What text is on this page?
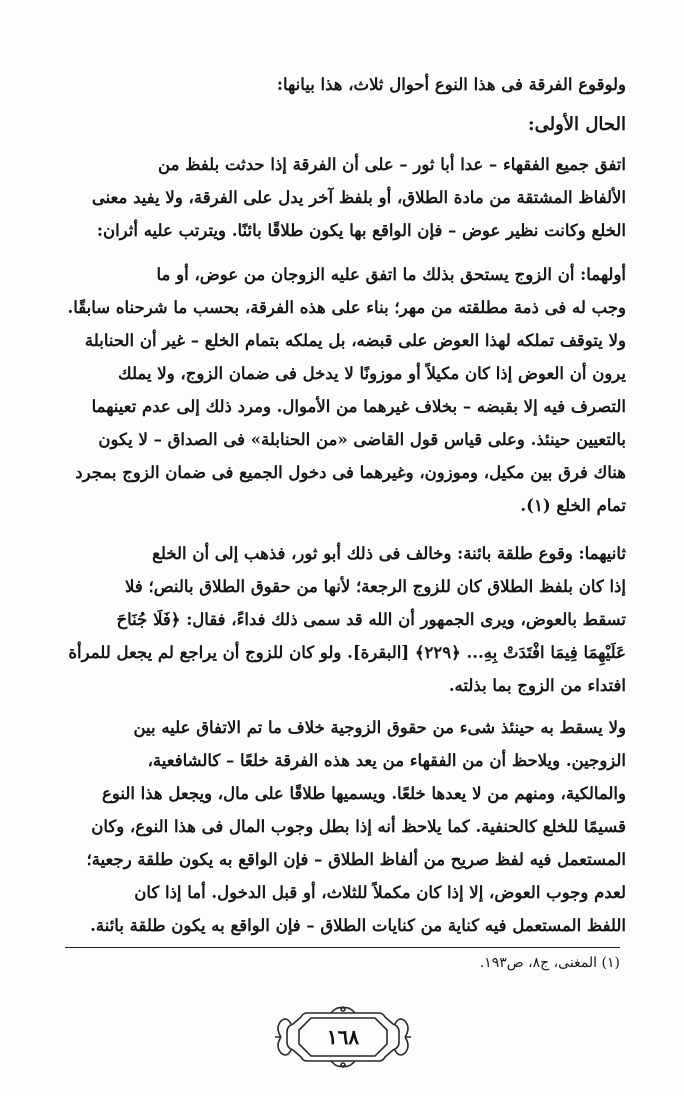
ولوقوع الفرقة فى هذا النوع أحوال ثلاث، هذا بيانها:
الحال الأولى:
اتفق جميع الفقهاء – عدا أبا ثور – على أن الفرقة إذا حدثت بلفظ من
الألفاظ المشتقة من مادة الطلاق، أو بلفظ آخر يدل على الفرقة، ولا يفيد معنى
الخلع وكانت نظير عوض – فإن الواقع بها يكون طلاقًا بائنًا. ويترتب عليه أثران:
أولهما: أن الزوج يستحق بذلك ما اتفق عليه الزوجان من عوض، أو ما
وجب له فى ذمة مطلقته من مهر؛ بناء على هذه الفرقة، بحسب ما شرحناه سابقًا.
ولا يتوقف تملكه لهذا العوض على قبضه، بل يملكه بتمام الخلع – غير أن الحنابلة
يرون أن العوض إذا كان مكيلاً أو موزونًا لا يدخل فى ضمان الزوج، ولا يملك
التصرف فيه إلا بقبضه – بخلاف غيرهما من الأموال. ومرد ذلك إلى عدم تعينهما
بالتعيين حينئذ. وعلى قياس قول القاضى «من الحنابلة» فى الصداق – لا يكون
هناك فرق بين مكيل، وموزون، وغيرهما فى دخول الجميع فى ضمان الزوج بمجرد
تمام الخلع (١).
ثانيهما: وقوع طلقة بائنة: وخالف فى ذلك أبو ثور، فذهب إلى أن الخلع
إذا كان بلفظ الطلاق كان للزوج الرجعة؛ لأنها من حقوق الطلاق بالنص؛ فلا
تسقط بالعوض، ويرى الجمهور أن الله قد سمى ذلك فداءً، فقال: ﴿فَلَا جُنَاحَ
عَلَيْهِمَا فِيمَا افْتَدَتْ بِهِ... ﴿٢٢٩﴾ [البقرة]. ولو كان للزوج أن يراجع لم يجعل للمرأة
افتداء من الزوج بما بذلته.
ولا يسقط به حينئذ شىء من حقوق الزوجية خلاف ما تم الاتفاق عليه بين
الزوجين. ويلاحظ أن من الفقهاء من يعد هذه الفرقة خلعًا – كالشافعية،
والمالكية، ومنهم من لا يعدها خلعًا. ويسميها طلاقًا على مال، ويجعل هذا النوع
قسيمًا للخلع كالحنفية. كما يلاحظ أنه إذا بطل وجوب المال فى هذا النوع، وكان
المستعمل فيه لفظ صريح من ألفاظ الطلاق – فإن الواقع به يكون طلقة رجعية؛
لعدم وجوب العوض، إلا إذا كان مكملاً للثلاث، أو قبل الدخول. أما إذا كان
اللفظ المستعمل فيه كناية من كنايات الطلاق – فإن الواقع به يكون طلقة بائنة.
(١) المغنى، ج٨، ص١٩٣.
١٦٨
